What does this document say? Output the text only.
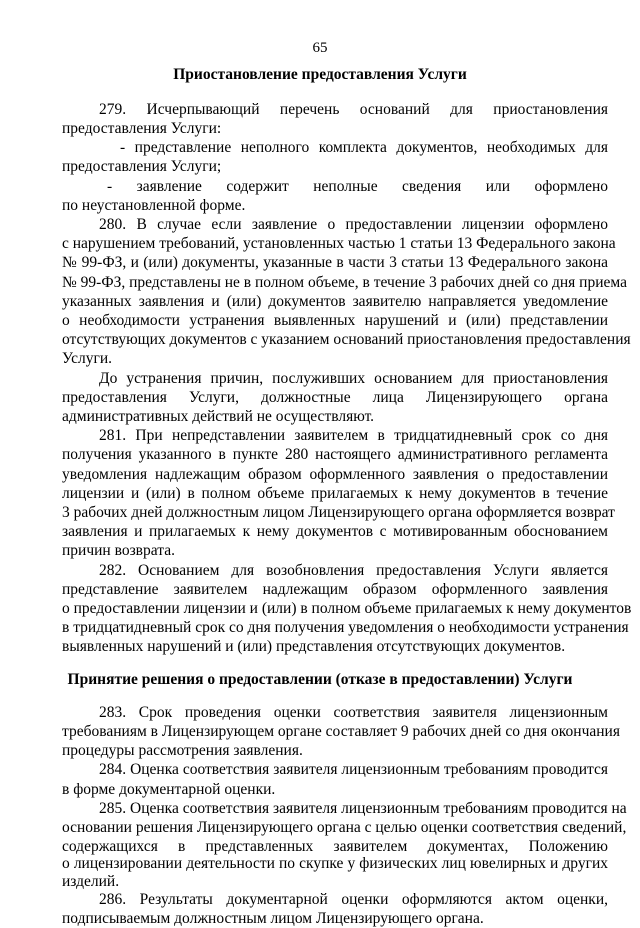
65
Приостановление предоставления Услуги
279. Исчерпывающий перечень оснований для приостановления
предоставления Услуги:
- представление неполного комплекта документов, необходимых для
предоставления Услуги;
- заявление содержит неполные сведения или оформлено
по неустановленной форме.
280. В случае если заявление о предоставлении лицензии оформлено
с нарушением требований, установленных частью 1 статьи 13 Федерального закона
№ 99-ФЗ, и (или) документы, указанные в части 3 статьи 13 Федерального закона
№ 99-ФЗ, представлены не в полном объеме, в течение 3 рабочих дней со дня приема
указанных заявления и (или) документов заявителю направляется уведомление
о необходимости устранения выявленных нарушений и (или) представлении
отсутствующих документов с указанием оснований приостановления предоставления
Услуги.
До устранения причин, послуживших основанием для приостановления
предоставления Услуги, должностные лица Лицензирующего органа
административных действий не осуществляют.
281. При непредставлении заявителем в тридцатидневный срок со дня
получения указанного в пункте 280 настоящего административного регламента
уведомления надлежащим образом оформленного заявления о предоставлении
лицензии и (или) в полном объеме прилагаемых к нему документов в течение
3 рабочих дней должностным лицом Лицензирующего органа оформляется возврат
заявления и прилагаемых к нему документов с мотивированным обоснованием
причин возврата.
282. Основанием для возобновления предоставления Услуги является
представление заявителем надлежащим образом оформленного заявления
о предоставлении лицензии и (или) в полном объеме прилагаемых к нему документов
в тридцатидневный срок со дня получения уведомления о необходимости устранения
выявленных нарушений и (или) представления отсутствующих документов.
Принятие решения о предоставлении (отказе в предоставлении) Услуги
283. Срок проведения оценки соответствия заявителя лицензионным
требованиям в Лицензирующем органе составляет 9 рабочих дней со дня окончания
процедуры рассмотрения заявления.
284. Оценка соответствия заявителя лицензионным требованиям проводится
в форме документарной оценки.
285. Оценка соответствия заявителя лицензионным требованиям проводится на
основании решения Лицензирующего органа с целью оценки соответствия сведений,
содержащихся в представленных заявителем документах, Положению
о лицензировании деятельности по скупке у физических лиц ювелирных и других
изделий.
286. Результаты документарной оценки оформляются актом оценки,
подписываемым должностным лицом Лицензирующего органа.
